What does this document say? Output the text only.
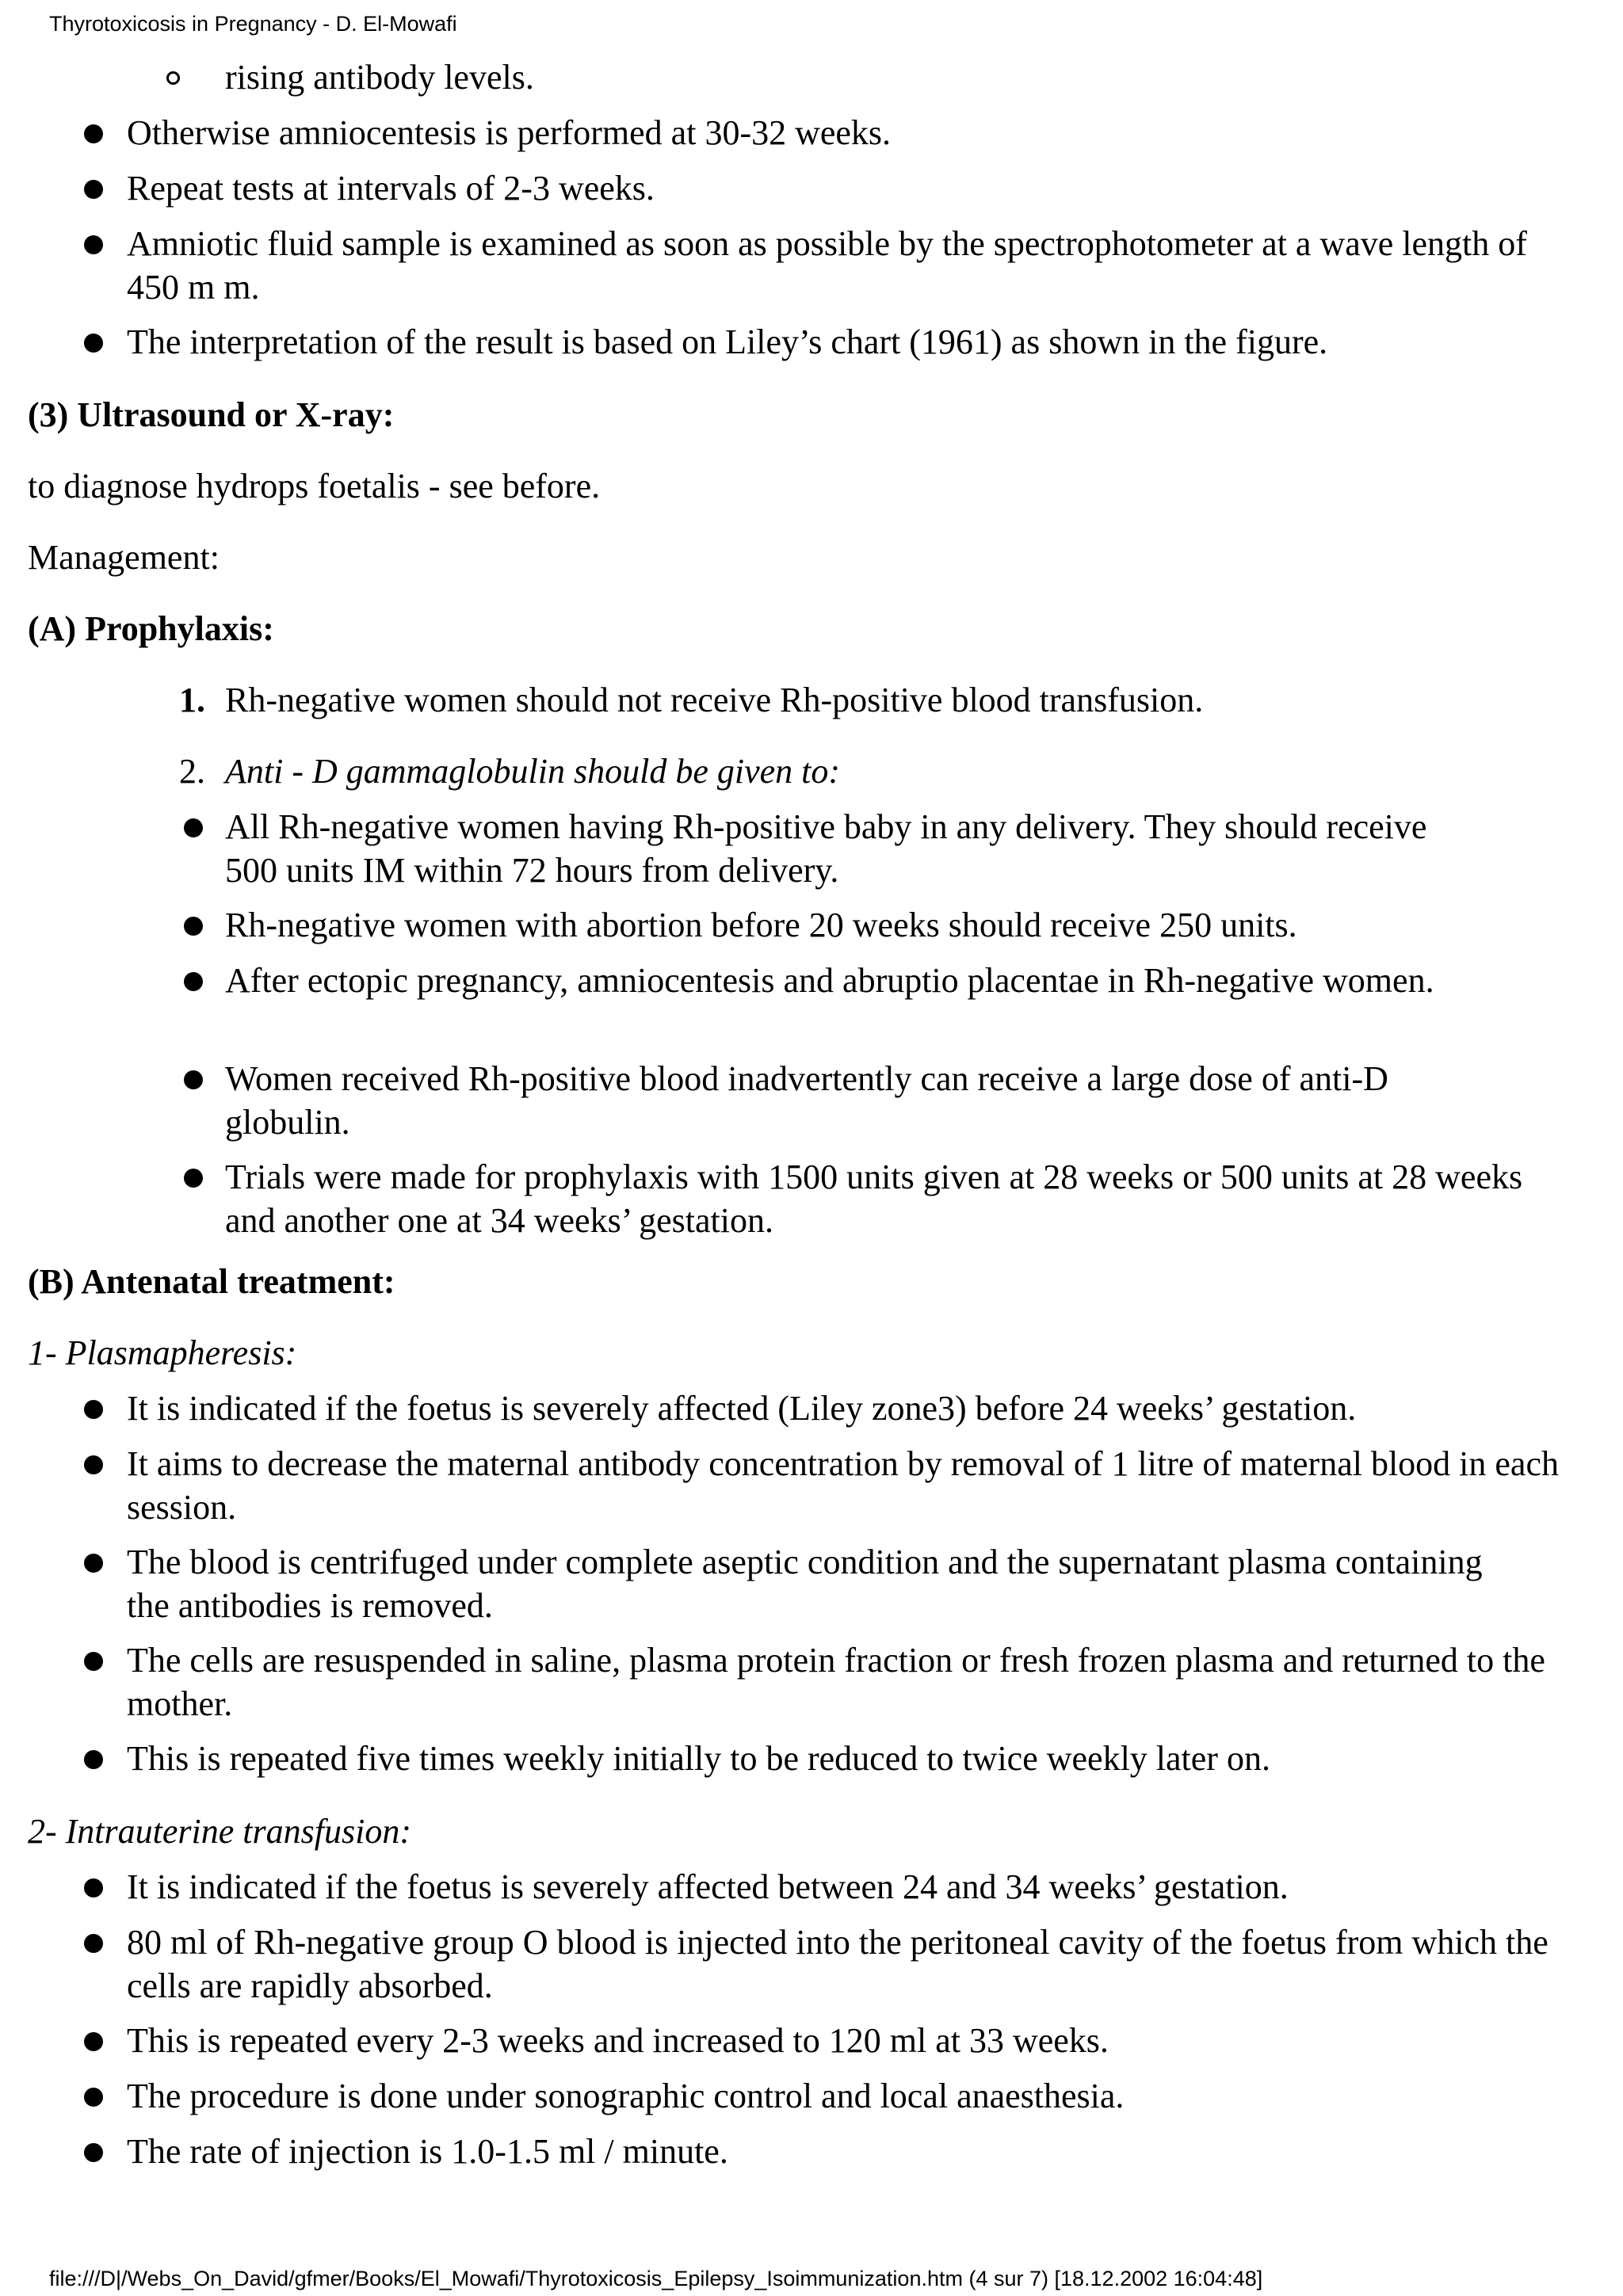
Thyrotoxicosis in Pregnancy - D. El-Mowafi
rising antibody levels.
Otherwise amniocentesis is performed at 30-32 weeks.
Repeat tests at intervals of 2-3 weeks.
Amniotic fluid sample is examined as soon as possible by the spectrophotometer at a wave length of 450 m m.
The interpretation of the result is based on Liley’s chart (1961) as shown in the figure.
(3) Ultrasound or X-ray:
to diagnose hydrops foetalis - see before.
Management:
(A) Prophylaxis:
1. Rh-negative women should not receive Rh-positive blood transfusion.
2. Anti - D gammaglobulin should be given to:
All Rh-negative women having Rh-positive baby in any delivery. They should receive 500 units IM within 72 hours from delivery.
Rh-negative women with abortion before 20 weeks should receive 250 units.
After ectopic pregnancy, amniocentesis and abruptio placentae in Rh-negative women.
Women received Rh-positive blood inadvertently can receive a large dose of anti-D globulin.
Trials were made for prophylaxis with 1500 units given at 28 weeks or 500 units at 28 weeks and another one at 34 weeks’ gestation.
(B) Antenatal treatment:
1- Plasmapheresis:
It is indicated if the foetus is severely affected (Liley zone3) before 24 weeks’ gestation.
It aims to decrease the maternal antibody concentration by removal of 1 litre of maternal blood in each session.
The blood is centrifuged under complete aseptic condition and the supernatant plasma containing the antibodies is removed.
The cells are resuspended in saline, plasma protein fraction or fresh frozen plasma and returned to the mother.
This is repeated five times weekly initially to be reduced to twice weekly later on.
2- Intrauterine transfusion:
It is indicated if the foetus is severely affected between 24 and 34 weeks’ gestation.
80 ml of Rh-negative group O blood is injected into the peritoneal cavity of the foetus from which the cells are rapidly absorbed.
This is repeated every 2-3 weeks and increased to 120 ml at 33 weeks.
The procedure is done under sonographic control and local anaesthesia.
The rate of injection is 1.0-1.5 ml / minute.
file:///D|/Webs_On_David/gfmer/Books/El_Mowafi/Thyrotoxicosis_Epilepsy_Isoimmunization.htm (4 sur 7) [18.12.2002 16:04:48]
